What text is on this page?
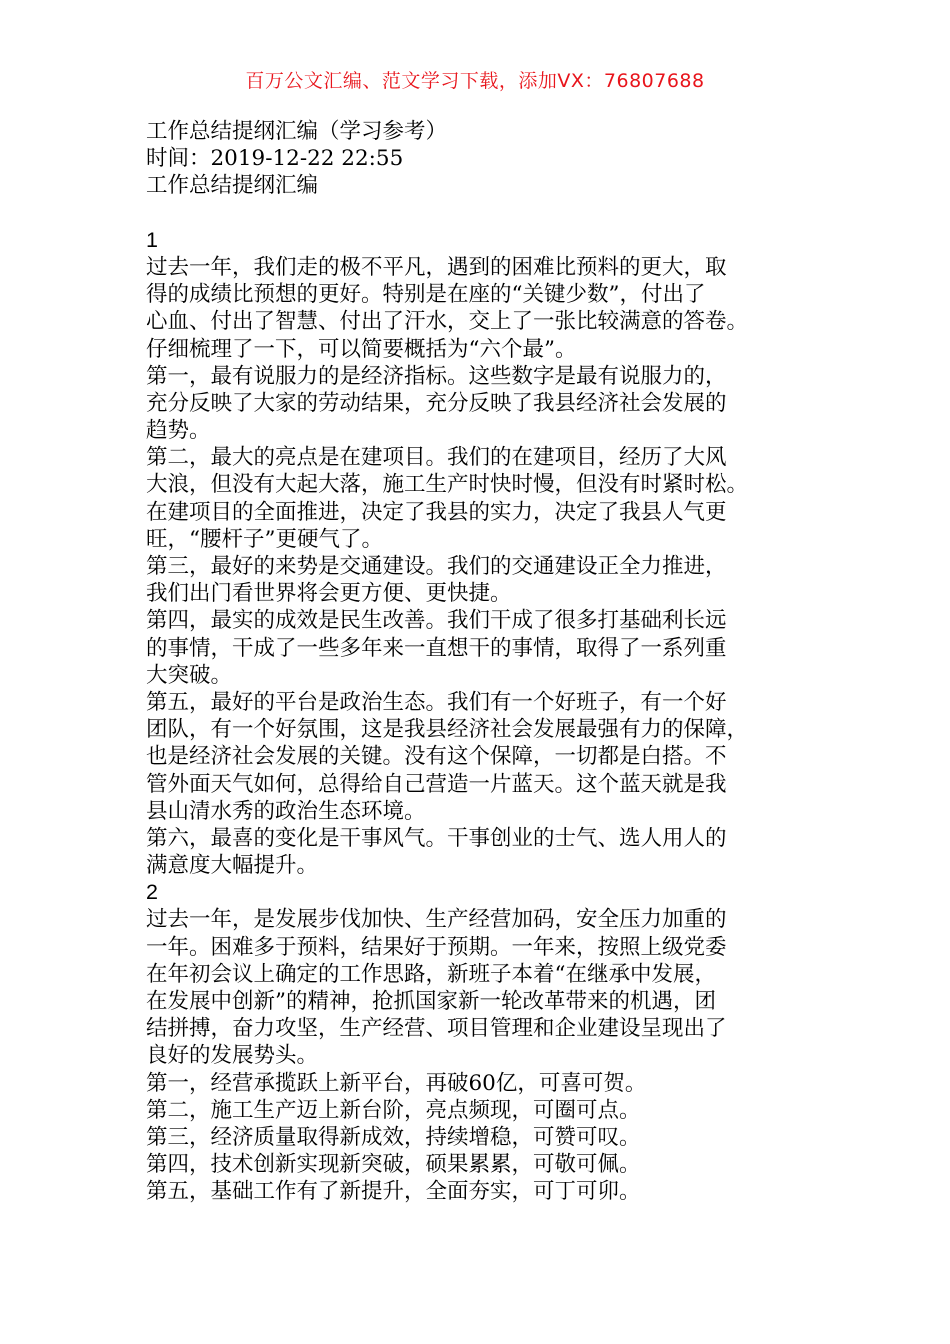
百万公文汇编、范文学习下载，添加VX：76807688
工作总结提纲汇编（学习参考）
时间：2019-12-22 22:55
工作总结提纲汇编
1
过去一年，我们走的极不平凡，遇到的困难比预料的更大，取
得的成绩比预想的更好。特别是在座的“关键少数”，付出了
心血、付出了智慧、付出了汗水，交上了一张比较满意的答卷。
仔细梳理了一下，可以简要概括为“六个最”。
第一，最有说服力的是经济指标。这些数字是最有说服力的，
充分反映了大家的劳动结果，充分反映了我县经济社会发展的
趋势。
第二，最大的亮点是在建项目。我们的在建项目，经历了大风
大浪，但没有大起大落，施工生产时快时慢，但没有时紧时松。
在建项目的全面推进，决定了我县的实力，决定了我县人气更
旺，“腰杆子”更硬气了。
第三，最好的来势是交通建设。我们的交通建设正全力推进，
我们出门看世界将会更方便、更快捷。
第四，最实的成效是民生改善。我们干成了很多打基础利长远
的事情，干成了一些多年来一直想干的事情，取得了一系列重
大突破。
第五，最好的平台是政治生态。我们有一个好班子，有一个好
团队，有一个好氛围，这是我县经济社会发展最强有力的保障，
也是经济社会发展的关键。没有这个保障，一切都是白搭。不
管外面天气如何，总得给自己营造一片蓝天。这个蓝天就是我
县山清水秀的政治生态环境。
第六，最喜的变化是干事风气。干事创业的士气、选人用人的
满意度大幅提升。
2
过去一年，是发展步伐加快、生产经营加码，安全压力加重的
一年。困难多于预料，结果好于预期。一年来，按照上级党委
在年初会议上确定的工作思路，新班子本着“在继承中发展，
在发展中创新”的精神，抢抓国家新一轮改革带来的机遇，团
结拼搏，奋力攻坚，生产经营、项目管理和企业建设呈现出了
良好的发展势头。
第一，经营承揽跃上新平台，再破60亿，可喜可贺。
第二，施工生产迈上新台阶，亮点频现，可圈可点。
第三，经济质量取得新成效，持续增稳，可赞可叹。
第四，技术创新实现新突破，硕果累累，可敬可佩。
第五，基础工作有了新提升，全面夯实，可丁可卯。
